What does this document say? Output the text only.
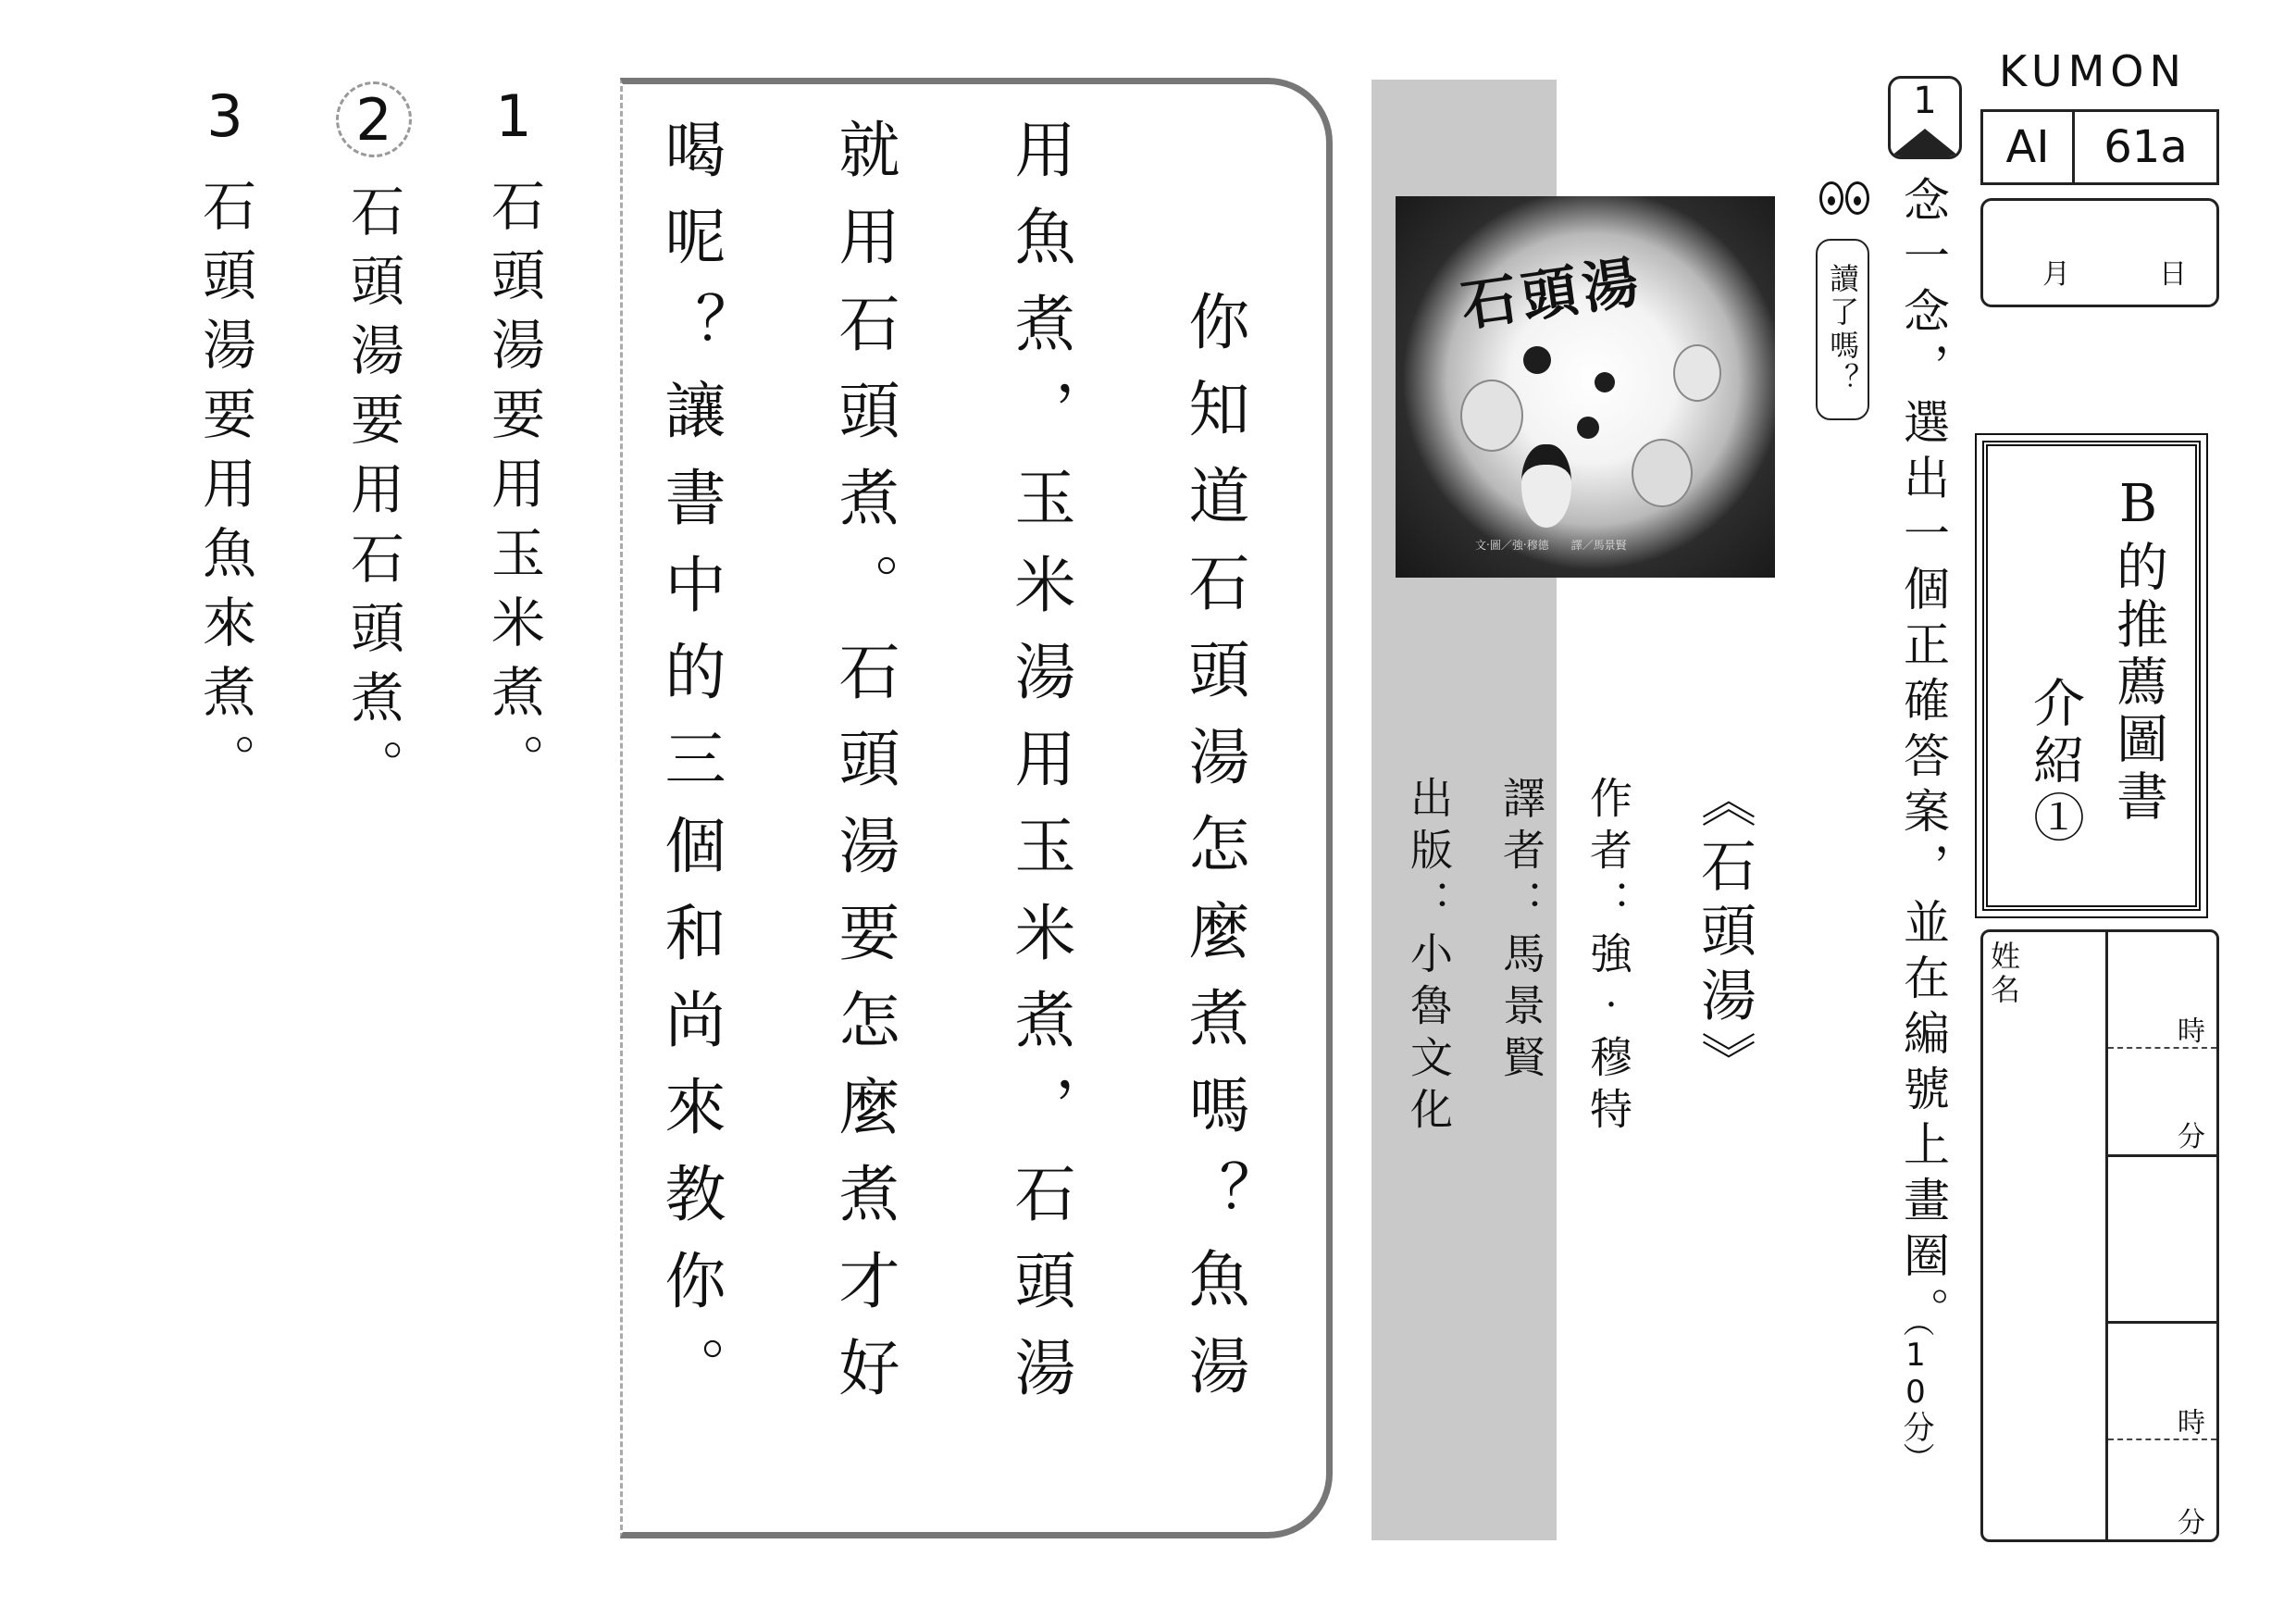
1
石頭湯要用玉米煮。
2
石頭湯要用石頭煮。
3
石頭湯要用魚來煮。	你知道石頭湯怎麼煮嗎？魚湯
用魚煮，玉米湯用玉米煮，石頭湯
就用石頭煮。石頭湯要怎麼煮才好
喝呢？讓書中的三個和尚來教你。	石頭湯
文‧圖／強‧穆德　　譯／馬景賢
《石頭湯》
作者：強‧穆特
譯者：馬景賢
出版：小魯文化
1
念一念，選出一個正確答案，並在編號上畫圈。
（10分）
讀了嗎？
B的推薦圖書
介紹①
KUMON
AI	61a
月	日
姓名
時
分
時
分
